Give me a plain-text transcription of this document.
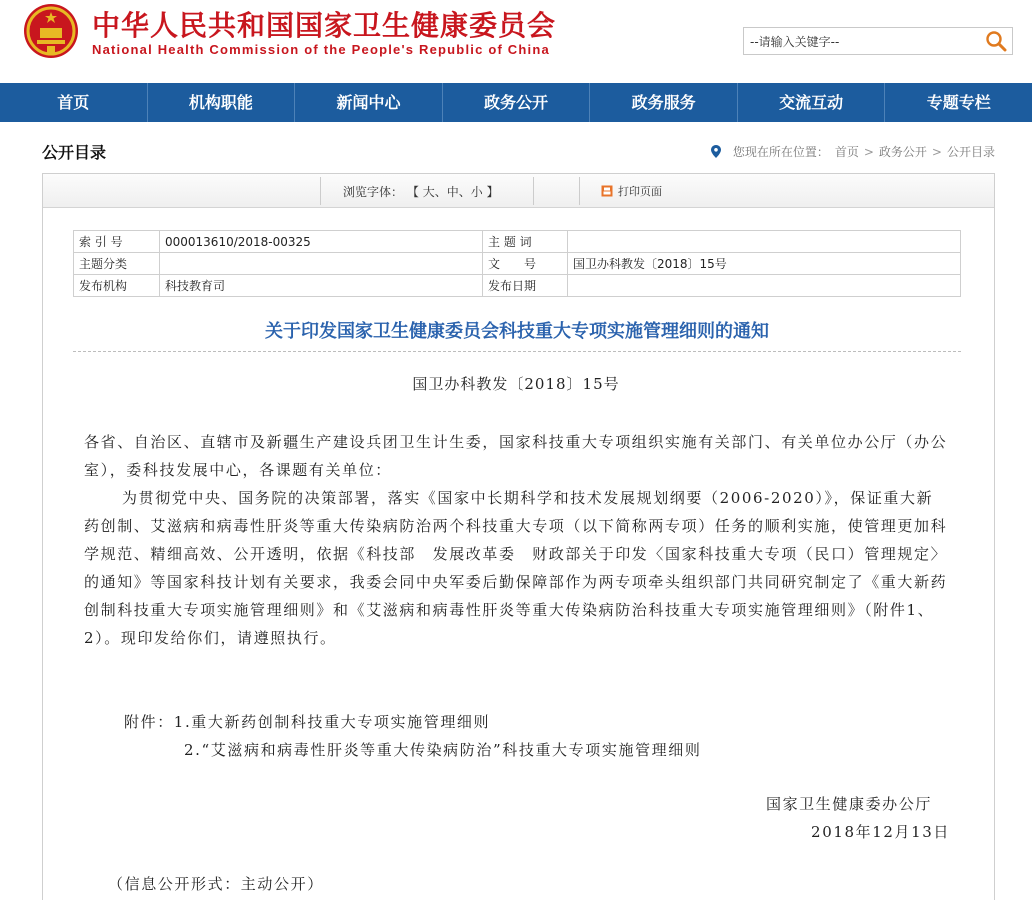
中华人民共和国国家卫生健康委员会
National Health Commission of the People's Republic of China
--请输入关键字--
首页	机构职能	新闻中心	政务公开	政务服务	交流互动	专题专栏
公开目录	您现在所在位置： 首页 > 政务公开 > 公开目录
浏览字体： 【 大、中、小 】	打印页面
索 引 号	000013610/2018-00325	主 题 词	
主题分类		文　　号	国卫办科教发〔2018〕15号
发布机构	科技教育司	发布日期	
关于印发国家卫生健康委员会科技重大专项实施管理细则的通知
国卫办科教发〔2018〕15号

各省、自治区、直辖市及新疆生产建设兵团卫生计生委，国家科技重大专项组织实施有关部门、有关单位办公厅（办公室），委科技发展中心，各课题有关单位：

为贯彻党中央、国务院的决策部署，落实《国家中长期科学和技术发展规划纲要（2006-2020）》，保证重大新药创制、艾滋病和病毒性肝炎等重大传染病防治两个科技重大专项（以下简称两专项）任务的顺利实施，使管理更加科学规范、精细高效、公开透明，依据《科技部　发展改革委　财政部关于印发〈国家科技重大专项（民口）管理规定〉的通知》等国家科技计划有关要求，我委会同中央军委后勤保障部作为两专项牵头组织部门共同研究制定了《重大新药创制科技重大专项实施管理细则》和《艾滋病和病毒性肝炎等重大传染病防治科技重大专项实施管理细则》（附件1、2）。现印发给你们，请遵照执行。

附件：1.重大新药创制科技重大专项实施管理细则
2.“艾滋病和病毒性肝炎等重大传染病防治”科技重大专项实施管理细则
国家卫生健康委办公厅
2018年12月13日
（信息公开形式：主动公开）
